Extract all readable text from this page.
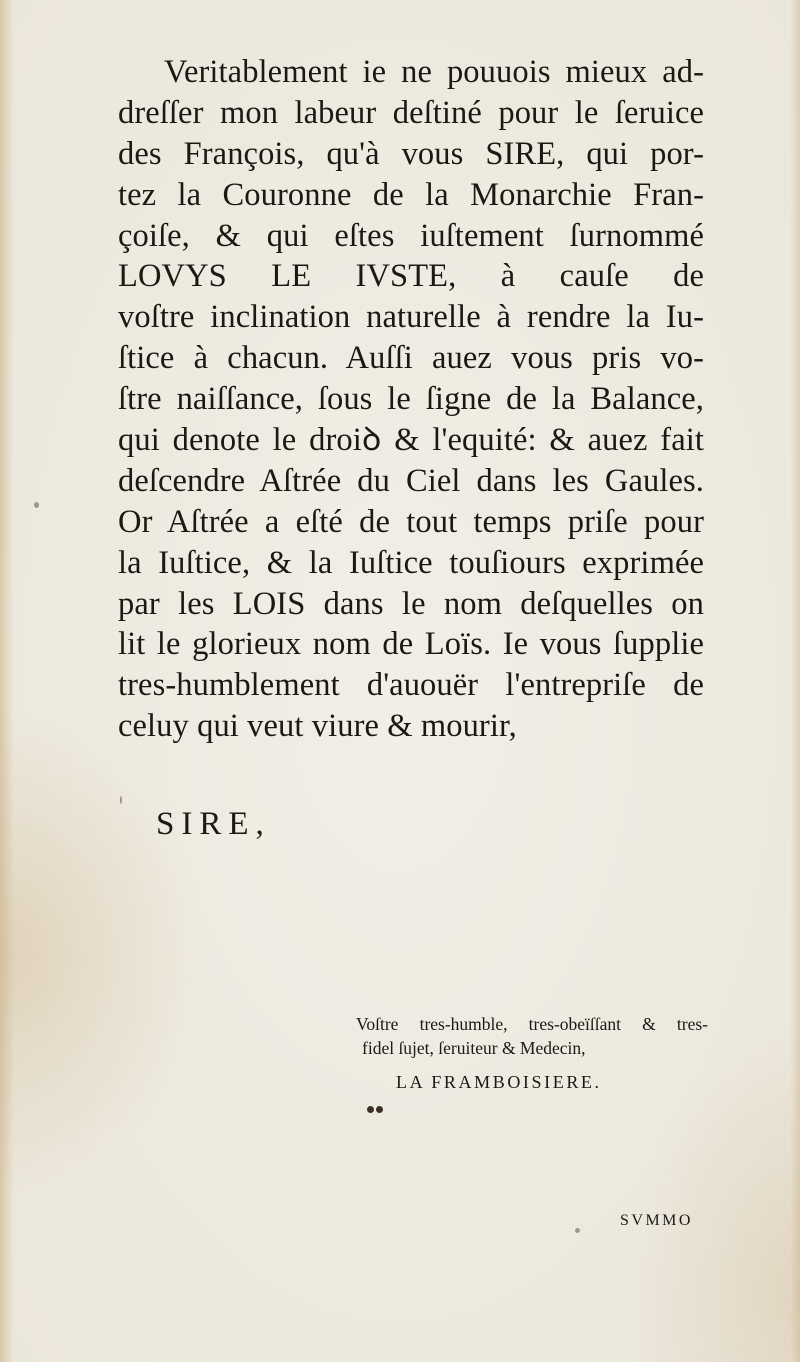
Veritablement ie ne pouuois mieux ad-
dreſſer mon labeur deſtiné pour le ſeruice
des François, qu'à vous SIRE, qui por-
tez la Couronne de la Monarchie Fran-
çoiſe, & qui eſtes iuſtement ſurnommé
LOVYS LE IVSTE, à cauſe de
voſtre inclination naturelle à rendre la Iu-
ſtice à chacun. Auſſi auez vous pris vo-
ſtre naiſſance, ſous le ſigne de la Balance,
qui denote le droiꝺ & l'equité: & auez fait
deſcendre Aſtrée du Ciel dans les Gaules.
Or Aſtrée a eſté de tout temps priſe pour
la Iuſtice, & la Iuſtice touſiours exprimée
par les LOIS dans le nom deſquelles on
lit le glorieux nom de Loïs. Ie vous ſupplie
tres-humblement d'auouër l'entrepriſe de
celuy qui veut viure & mourir,
SIRE,
Voſtre tres-humble, tres-obeïſſant & tres-
fidel ſujet, ſeruiteur & Medecin,
LA FRAMBOISIERE.
SVMMO
